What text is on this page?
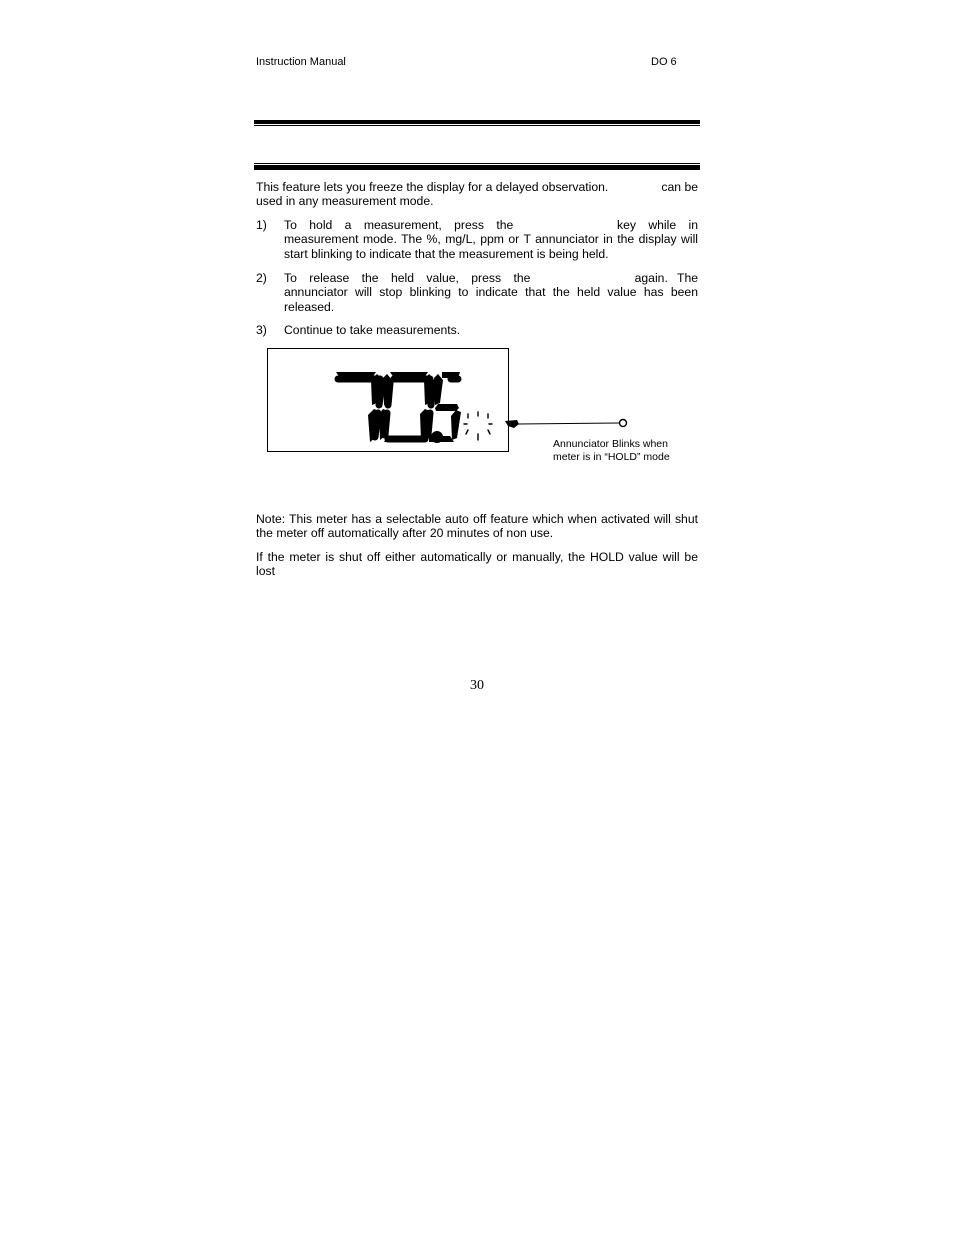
Instruction Manual	DO 6
This feature lets you freeze the display for a delayed observation.	can be
used in any measurement mode.
1) To hold a measurement, press the	key while in
measurement mode. The %, mg/L, ppm or T annunciator in the display will start blinking to indicate that the measurement is being held.
2) To release the held value, press the	again. The
annunciator will stop blinking to indicate that the held value has been released.
3) Continue to take measurements.
Annunciator Blinks when
meter is in “HOLD” mode
Note: This meter has a selectable auto off feature which when activated will shut the meter off automatically after 20 minutes of non use.
If the meter is shut off either automatically or manually, the HOLD value will be lost
30
